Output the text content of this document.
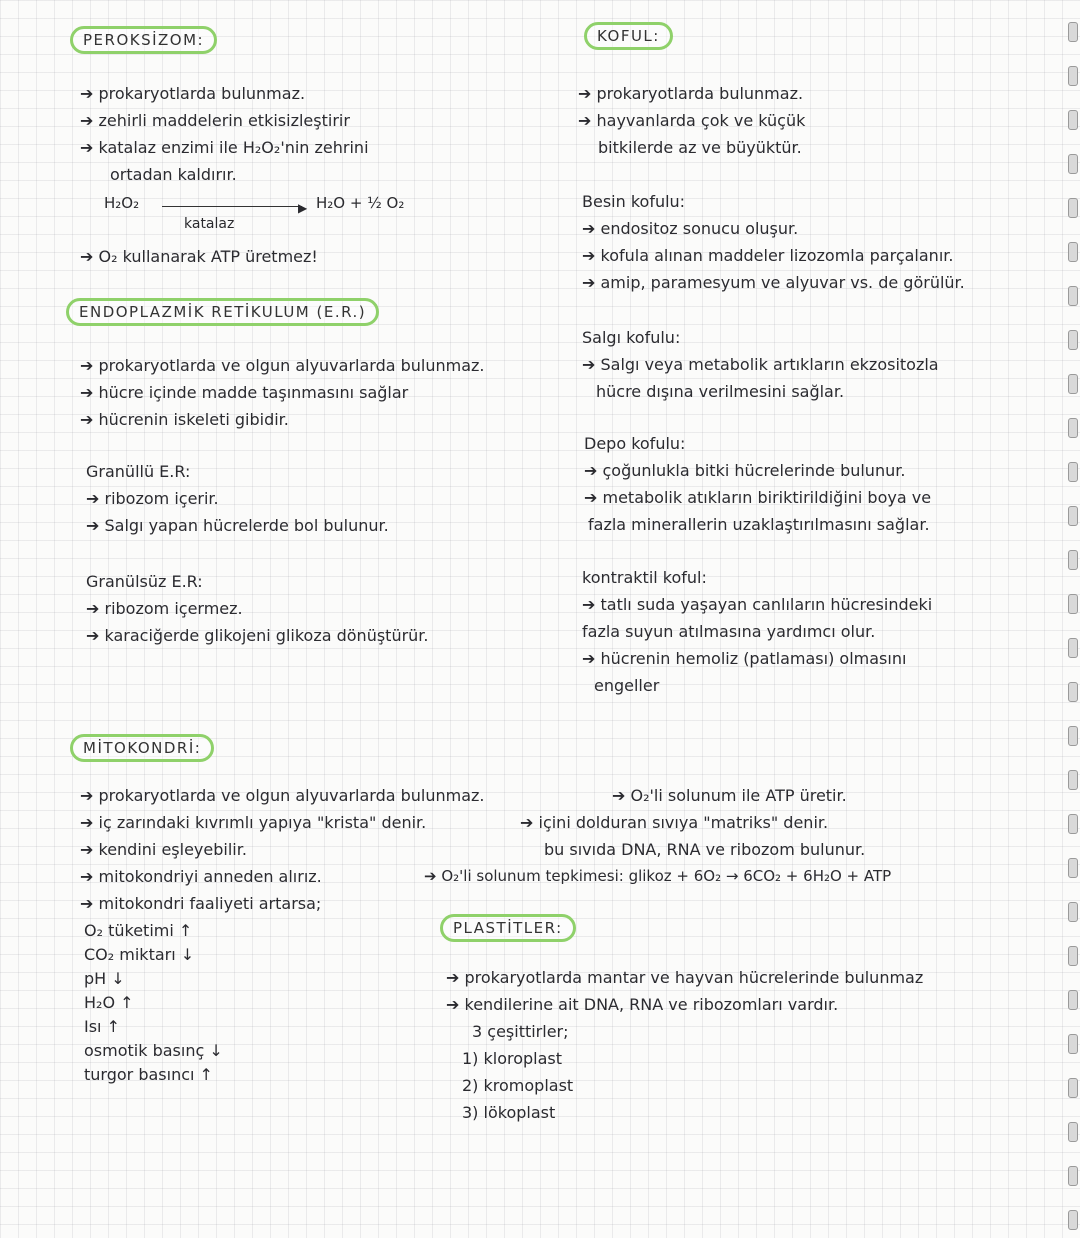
PEROKSİZOM:
➔ prokaryotlarda bulunmaz.
➔ zehirli maddelerin etkisizleştirir
➔ katalaz enzimi ile H₂O₂'nin zehrini
ortadan kaldırır.
H₂O₂	▶ H₂O + ½ O₂
katalaz
➔ O₂ kullanarak ATP üretmez!
ENDOPLAZMİK RETİKULUM (E.R.)
➔ prokaryotlarda ve olgun alyuvarlarda bulunmaz.
➔ hücre içinde madde taşınmasını sağlar
➔ hücrenin iskeleti gibidir.
Granüllü E.R:
➔ ribozom içerir.
➔ Salgı yapan hücrelerde bol bulunur.
Granülsüz E.R:
➔ ribozom içermez.
➔ karaciğerde glikojeni glikoza dönüştürür.
KOFUL:
➔ prokaryotlarda bulunmaz.
➔ hayvanlarda çok ve küçük
bitkilerde az ve büyüktür.
Besin kofulu:
➔ endositoz sonucu oluşur.
➔ kofula alınan maddeler lizozomla parçalanır.
➔ amip, paramesyum ve alyuvar vs. de görülür.
Salgı kofulu:
➔ Salgı veya metabolik artıkların ekzositozla
hücre dışına verilmesini sağlar.
Depo kofulu:
➔ çoğunlukla bitki hücrelerinde bulunur.
➔ metabolik atıkların biriktirildiğini boya ve
fazla minerallerin uzaklaştırılmasını sağlar.
kontraktil koful:
➔ tatlı suda yaşayan canlıların hücresindeki
fazla suyun atılmasına yardımcı olur.
➔ hücrenin hemoliz (patlaması) olmasını
engeller
MİTOKONDRİ:
➔ prokaryotlarda ve olgun alyuvarlarda bulunmaz.
➔ iç zarındaki kıvrımlı yapıya "krista" denir.
➔ kendini eşleyebilir.
➔ mitokondriyi anneden alırız.
➔ mitokondri faaliyeti artarsa;
O₂ tüketimi ↑
CO₂ miktarı ↓
pH ↓
H₂O ↑
Isı ↑
osmotik basınç ↓
turgor basıncı ↑
➔ O₂'li solunum ile ATP üretir.
➔ içini dolduran sıvıya "matriks" denir.
bu sıvıda DNA, RNA ve ribozom bulunur.
➔ O₂'li solunum tepkimesi: glikoz + 6O₂ → 6CO₂ + 6H₂O + ATP
PLASTİTLER:
➔ prokaryotlarda mantar ve hayvan hücrelerinde bulunmaz
➔ kendilerine ait DNA, RNA ve ribozomları vardır.
3 çeşittirler;
1) kloroplast
2) kromoplast
3) lökoplast
